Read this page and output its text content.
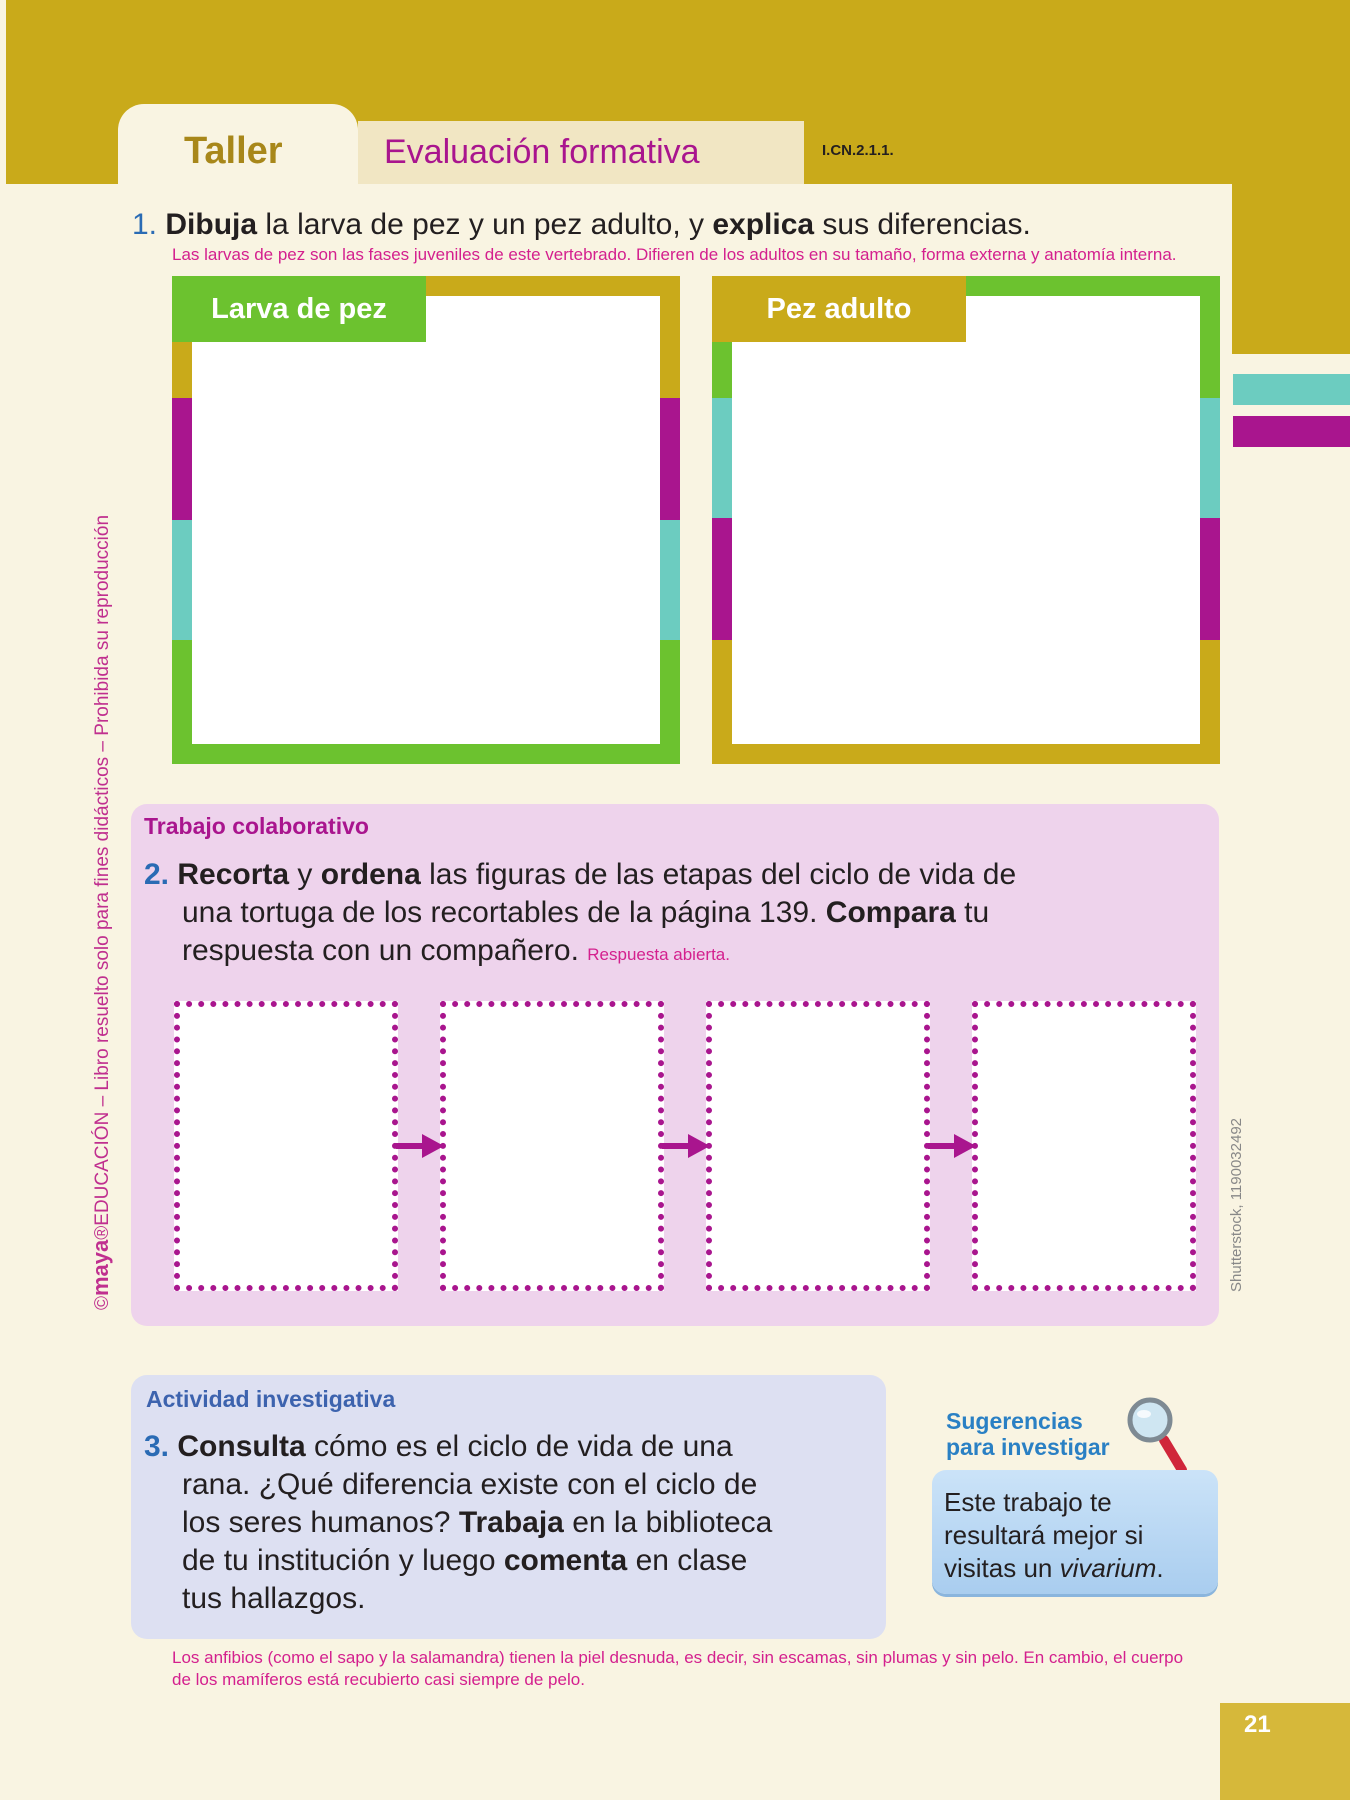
Taller	Evaluación formativa	I.CN.2.1.1.
©maya®EDUCACIÓN – Libro resuelto solo para fines didácticos – Prohibida su reproducción
1. Dibuja la larva de pez y un pez adulto, y explica sus diferencias.
Las larvas de pez son las fases juveniles de este vertebrado. Difieren de los adultos en su tamaño, forma externa y anatomía interna.
Larva de pez	Pez adulto
Trabajo colaborativo
2. Recorta y ordena las figuras de las etapas del ciclo de vida de
una tortuga de los recortables de la página 139. Compara tu
respuesta con un compañero. Respuesta abierta.
Shutterstock, 1190032492
Actividad investigativa
3. Consulta cómo es el ciclo de vida de una
rana. ¿Qué diferencia existe con el ciclo de
los seres humanos? Trabaja en la biblioteca
de tu institución y luego comenta en clase
tus hallazgos.
Sugerencias
para investigar
Este trabajo te
resultará mejor si
visitas un vivarium.
Los anfibios (como el sapo y la salamandra) tienen la piel desnuda, es decir, sin escamas, sin plumas y sin pelo. En cambio, el cuerpo
de los mamíferos está recubierto casi siempre de pelo.
21
